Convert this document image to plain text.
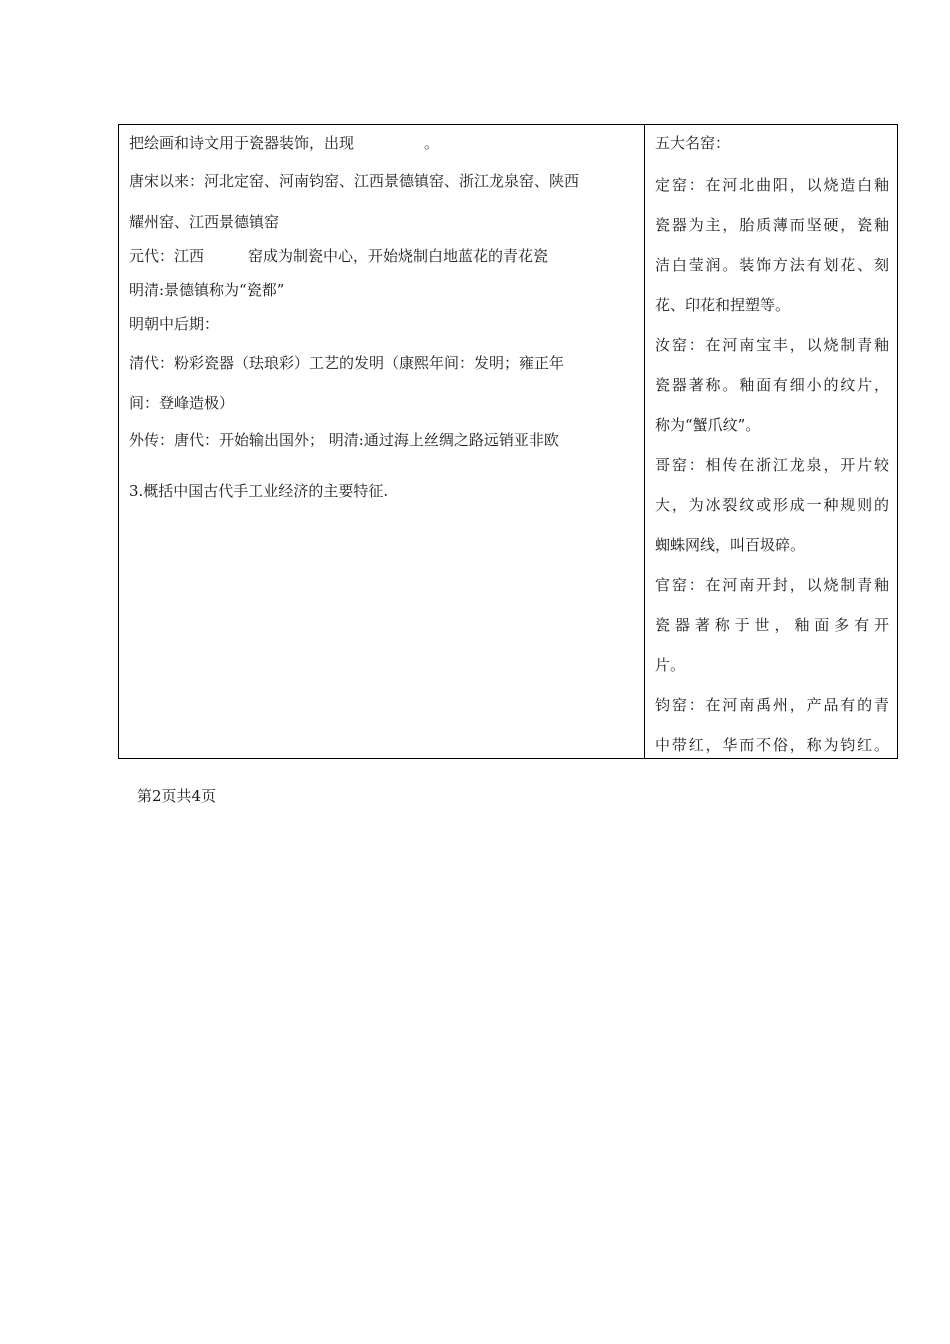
把绘画和诗文用于瓷器装饰，出现	。
唐宋以来：河北定窑、河南钧窑、江西景德镇窑、浙江龙泉窑、陕西
耀州窑、江西景德镇窑
元代：江西	窑成为制瓷中心，开始烧制白地蓝花的青花瓷
明清:景德镇称为“瓷都”
明朝中后期：
清代：粉彩瓷器（珐琅彩）工艺的发明（康熙年间：发明；雍正年
间：登峰造极）
外传：唐代：开始输出国外； 明清:通过海上丝绸之路远销亚非欧
3.概括中国古代手工业经济的主要特征.
五大名窑：
定窑：在河北曲阳，以烧造白釉
瓷器为主，胎质薄而坚硬，瓷釉
洁白莹润。装饰方法有划花、刻
花、印花和捏塑等。
汝窑：在河南宝丰，以烧制青釉
瓷器著称。釉面有细小的纹片，
称为“蟹爪纹”。
哥窑：相传在浙江龙泉，开片较
大，为冰裂纹或形成一种规则的
蜘蛛网线，叫百圾碎。
官窑：在河南开封，以烧制青釉
瓷器著称于世，釉面多有开
片。
钧窑：在河南禹州，产品有的青
中带红，华而不俗，称为钧红。
第2页共4页
